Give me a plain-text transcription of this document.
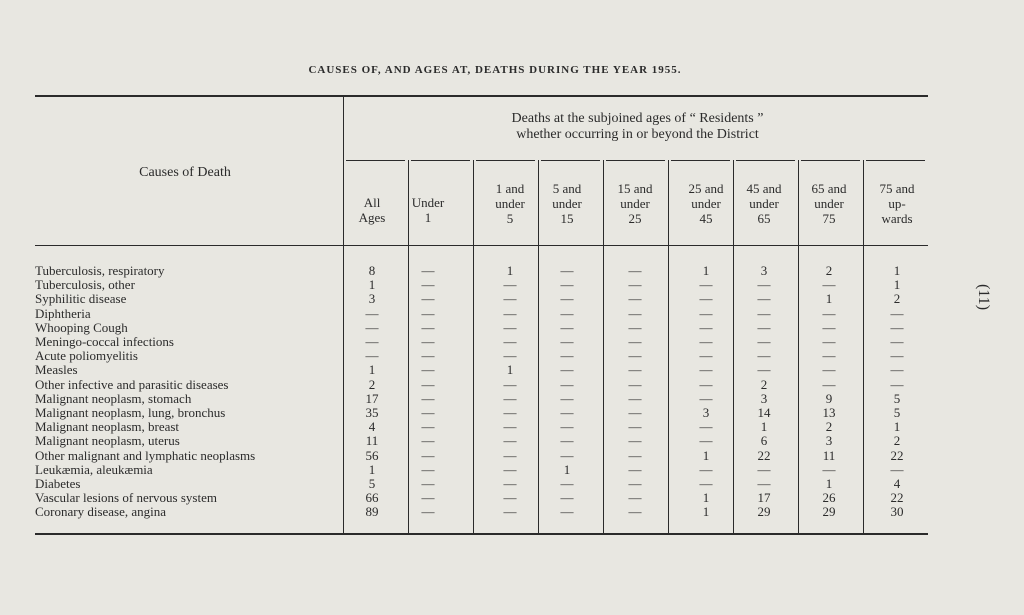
CAUSES OF, AND AGES AT, DEATHS DURING THE YEAR 1955.
(11)
Causes of Death
Deaths at the subjoined ages of “ Residents ”
whether occurring in or beyond the District
All
Ages
Under
1
1 and
under
5
5 and
under
15
15 and
under
25
25 and
under
45
45 and
under
65
65 and
under
75
75 and
up-
wards
Tuberculosis, respiratory	8	—	1	—	—	1	3	2	1
Tuberculosis, other	1	—	—	—	—	—	—	—	1
Syphilitic disease	3	—	—	—	—	—	—	1	2
Diphtheria	—	—	—	—	—	—	—	—	—
Whooping Cough	—	—	—	—	—	—	—	—	—
Meningo-coccal infections	—	—	—	—	—	—	—	—	—
Acute poliomyelitis	—	—	—	—	—	—	—	—	—
Measles	1	—	1	—	—	—	—	—	—
Other infective and parasitic diseases	2	—	—	—	—	—	2	—	—
Malignant neoplasm, stomach	17	—	—	—	—	—	3	9	5
Malignant neoplasm, lung, bronchus	35	—	—	—	—	3	14	13	5
Malignant neoplasm, breast	4	—	—	—	—	—	1	2	1
Malignant neoplasm, uterus	11	—	—	—	—	—	6	3	2
Other malignant and lymphatic neoplasms	56	—	—	—	—	1	22	11	22
Leukæmia, aleukæmia	1	—	—	1	—	—	—	—	—
Diabetes	5	—	—	—	—	—	—	1	4
Vascular lesions of nervous system	66	—	—	—	—	1	17	26	22
Coronary disease, angina	89	—	—	—	—	1	29	29	30
